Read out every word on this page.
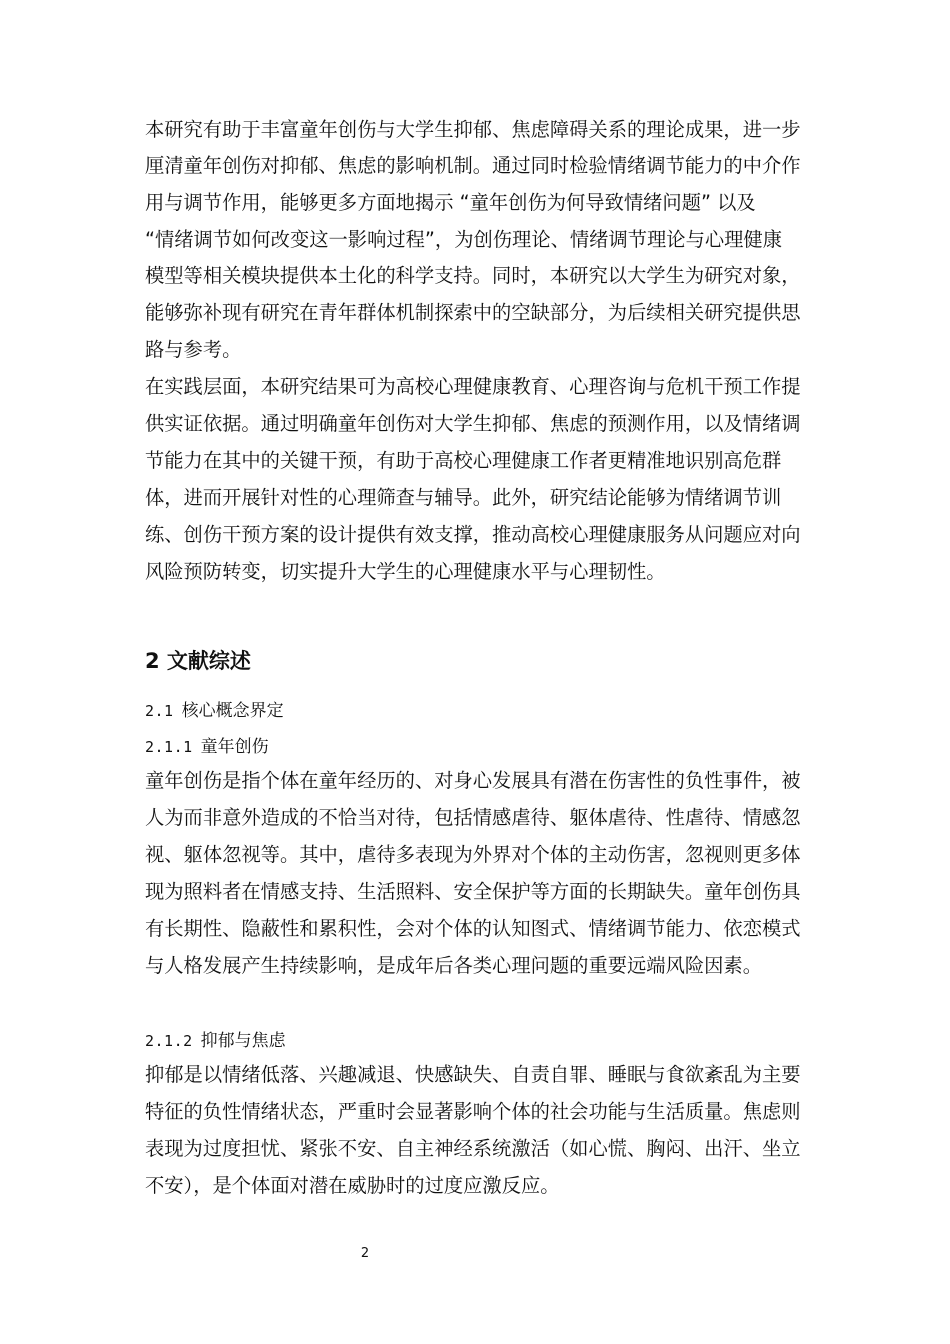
本研究有助于丰富童年创伤与大学生抑郁、焦虑障碍关系的理论成果，进一步
厘清童年创伤对抑郁、焦虑的影响机制。通过同时检验情绪调节能力的中介作
用与调节作用，能够更多方面地揭示 “童年创伤为何导致情绪问题” 以及
“情绪调节如何改变这一影响过程”，为创伤理论、情绪调节理论与心理健康
模型等相关模块提供本土化的科学支持。同时，本研究以大学生为研究对象，
能够弥补现有研究在青年群体机制探索中的空缺部分，为后续相关研究提供思
路与参考。
在实践层面，本研究结果可为高校心理健康教育、心理咨询与危机干预工作提
供实证依据。通过明确童年创伤对大学生抑郁、焦虑的预测作用，以及情绪调
节能力在其中的关键干预，有助于高校心理健康工作者更精准地识别高危群
体，进而开展针对性的心理筛查与辅导。此外，研究结论能够为情绪调节训
练、创伤干预方案的设计提供有效支撑，推动高校心理健康服务从问题应对向
风险预防转变，切实提升大学生的心理健康水平与心理韧性。
2 文献综述
2.1 核心概念界定
2.1.1 童年创伤
童年创伤是指个体在童年经历的、对身心发展具有潜在伤害性的负性事件，被
人为而非意外造成的不恰当对待，包括情感虐待、躯体虐待、性虐待、情感忽
视、躯体忽视等。其中，虐待多表现为外界对个体的主动伤害，忽视则更多体
现为照料者在情感支持、生活照料、安全保护等方面的长期缺失。童年创伤具
有长期性、隐蔽性和累积性，会对个体的认知图式、情绪调节能力、依恋模式
与人格发展产生持续影响，是成年后各类心理问题的重要远端风险因素。
2.1.2 抑郁与焦虑
抑郁是以情绪低落、兴趣减退、快感缺失、自责自罪、睡眠与食欲紊乱为主要
特征的负性情绪状态，严重时会显著影响个体的社会功能与生活质量。焦虑则
表现为过度担忧、紧张不安、自主神经系统激活（如心慌、胸闷、出汗、坐立
不安），是个体面对潜在威胁时的过度应激反应。
2
